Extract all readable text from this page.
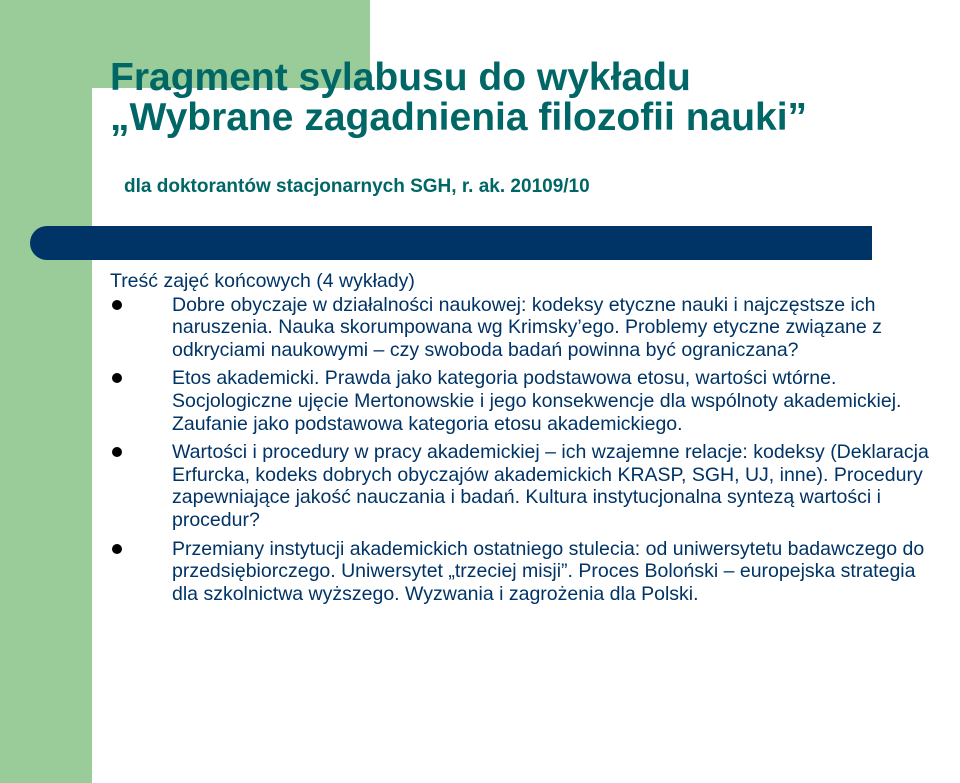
Fragment sylabusu do wykładu
„Wybrane zagadnienia filozofii nauki”
dla doktorantów stacjonarnych SGH, r. ak. 20109/10

Treść zajęć końcowych (4 wykłady)

Dobre obyczaje w działalności naukowej: kodeksy etyczne nauki i najczęstsze ich naruszenia. Nauka skorumpowana wg Krimsky’ego. Problemy etyczne związane z odkryciami naukowymi – czy swoboda badań powinna być ograniczana?
Etos akademicki. Prawda jako kategoria podstawowa etosu, wartości wtórne. Socjologiczne ujęcie Mertonowskie i jego konsekwencje dla wspólnoty akademickiej. Zaufanie jako podstawowa kategoria etosu akademickiego.
Wartości i procedury w pracy akademickiej – ich wzajemne relacje: kodeksy (Deklaracja Erfurcka, kodeks dobrych obyczajów akademickich KRASP, SGH, UJ, inne). Procedury zapewniające jakość nauczania i badań. Kultura instytucjonalna syntezą wartości i procedur?
Przemiany instytucji akademickich ostatniego stulecia: od uniwersytetu badawczego do przedsiębiorczego. Uniwersytet „trzeciej misji”. Proces Boloński – europejska strategia dla szkolnictwa wyższego. Wyzwania i zagrożenia dla Polski.
